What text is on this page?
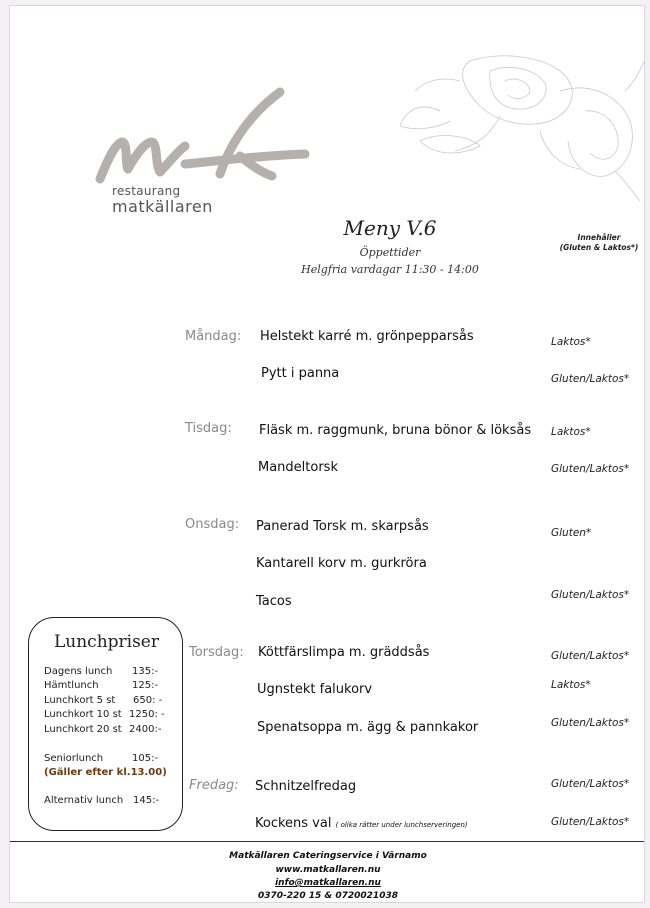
restaurang
matkällaren
Meny V.6
Öppettider
Helgfria vardagar 11:30 - 14:00
Innehåller
(Gluten & Laktos*)
Måndag: Helstekt karré m. grönpepparsås	Laktos*
Pytt i panna	Gluten/Laktos*
Tisdag: Fläsk m. raggmunk, bruna bönor & löksås Laktos*
Mandeltorsk	Gluten/Laktos*
Onsdag: Panerad Torsk m. skarpsås	Gluten*
Kantarell korv m. gurkröra
Tacos	Gluten/Laktos*
Torsdag: Köttfärslimpa m. gräddsås	Gluten/Laktos*
Ugnstekt falukorv	Laktos*
Spenatsoppa m. ägg & pannkakor	Gluten/Laktos*
Fredag: Schnitzelfredag	Gluten/Laktos*
Kockens val ( olika rätter under lunchserveringen)	Gluten/Laktos*
Lunchpriser
Dagens lunch 135:-
Hämtlunch	125:-
Lunchkort 5 st 650: -
Lunchkort 10 st 1250: -
Lunchkort 20 st 2400:-
Seniorlunch	105:-
(Gäller efter kl.13.00)
Alternativ lunch 145:-
Matkällaren Cateringservice i Värnamo
www.matkallaren.nu
info@matkallaren.nu
0370-220 15 & 0720021038
